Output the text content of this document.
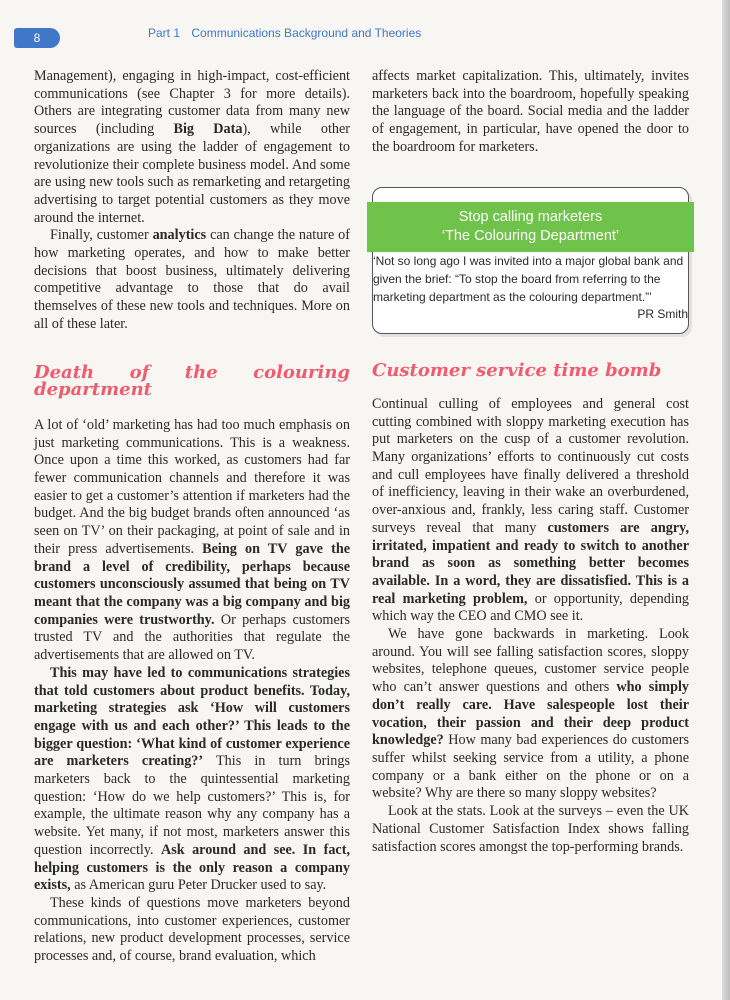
8	Part 1 Communications Background and Theories

Management), engaging in high-impact, cost-efficient communications (see Chapter 3 for more details). Others are integrating customer data from many new sources (including Big Data), while other organizations are using the ladder of engagement to revolutionize their complete business model. And some are using new tools such as remarketing and retargeting advertising to target potential customers as they move around the internet.

Finally, customer analytics can change the nature of how marketing operates, and how to make better decisions that boost business, ultimately delivering competitive advantage to those that do avail themselves of these new tools and techniques. More on all of these later.

Death of the colouring department

A lot of ‘old’ marketing has had too much emphasis on just marketing communications. This is a weakness. Once upon a time this worked, as customers had far fewer communication channels and therefore it was easier to get a customer’s attention if marketers had the budget. And the big budget brands often announced ‘as seen on TV’ on their packaging, at point of sale and in their press advertisements. Being on TV gave the brand a level of credibility, perhaps because customers unconsciously assumed that being on TV meant that the company was a big company and big companies were trustworthy. Or perhaps customers trusted TV and the authorities that regulate the advertisements that are allowed on TV.

This may have led to communications strategies that told customers about product benefits. Today, marketing strategies ask ‘How will customers engage with us and each other?’ This leads to the bigger question: ‘What kind of customer experience are marketers creating?’ This in turn brings marketers back to the quintessential marketing question: ‘How do we help customers?’ This is, for example, the ultimate reason why any company has a website. Yet many, if not most, marketers answer this question incorrectly. Ask around and see. In fact, helping customers is the only reason a company exists, as American guru Peter Drucker used to say.

These kinds of questions move marketers beyond communications, into customer experiences, customer relations, new product development processes, service processes and, of course, brand evaluation, which

affects market capitalization. This, ultimately, invites marketers back into the boardroom, hopefully speaking the language of the board. Social media and the ladder of engagement, in particular, have opened the door to the boardroom for marketers.

Stop calling marketers
‘The Colouring Department’

‘Not so long ago I was invited into a major global bank and given the brief: “To stop the board from referring to the marketing department as the colouring department.”’

PR Smith

Customer service time bomb

Continual culling of employees and general cost cutting combined with sloppy marketing execution has put marketers on the cusp of a customer revolution. Many organizations’ efforts to continuously cut costs and cull employees have finally delivered a threshold of inefficiency, leaving in their wake an overburdened, over-anxious and, frankly, less caring staff. Customer surveys reveal that many customers are angry, irritated, impatient and ready to switch to another brand as soon as something better becomes available. In a word, they are dissatisfied. This is a real marketing problem, or opportunity, depending which way the CEO and CMO see it.

We have gone backwards in marketing. Look around. You will see falling satisfaction scores, sloppy websites, telephone queues, customer service people who can’t answer questions and others who simply don’t really care. Have salespeople lost their vocation, their passion and their deep product knowledge? How many bad experiences do customers suffer whilst seeking service from a utility, a phone company or a bank either on the phone or on a website? Why are there so many sloppy websites?

Look at the stats. Look at the surveys – even the UK National Customer Satisfaction Index shows falling satisfaction scores amongst the top-performing brands.
